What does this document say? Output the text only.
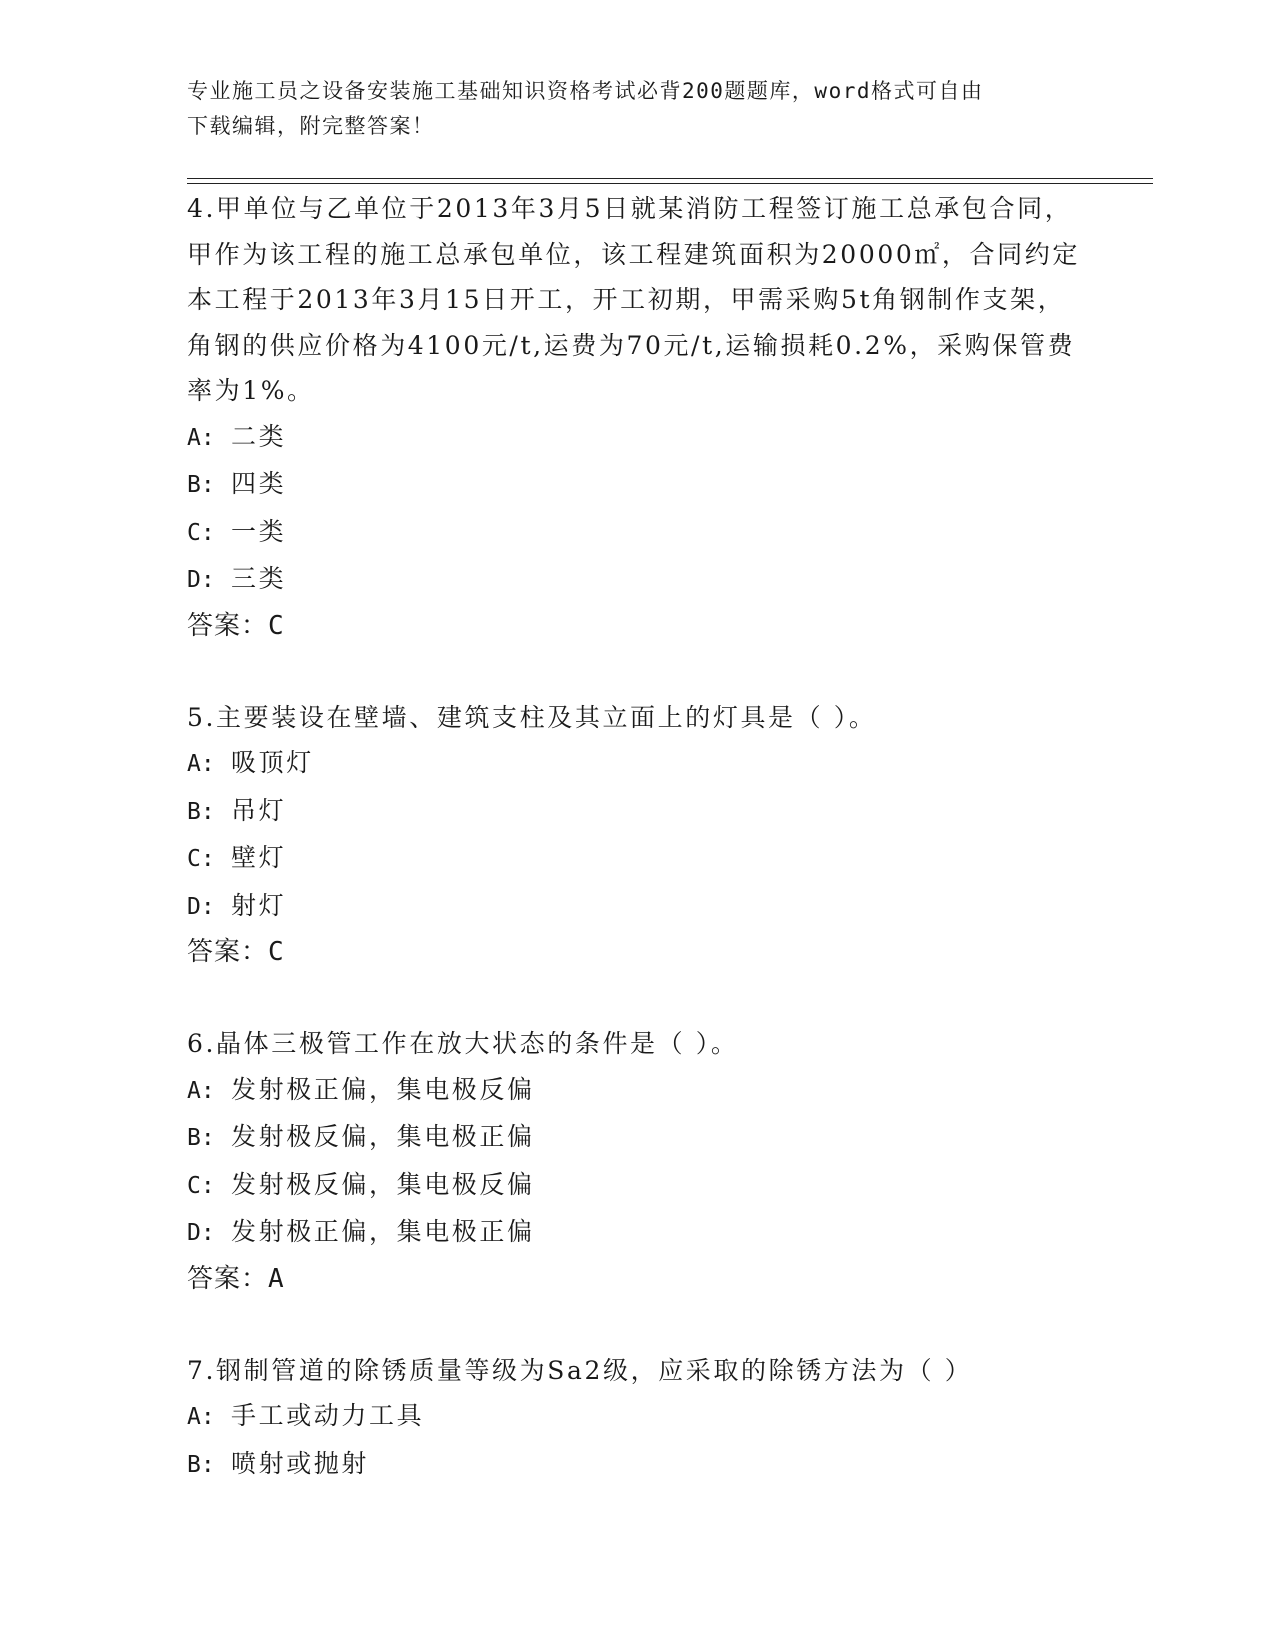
专业施工员之设备安装施工基础知识资格考试必背200题题库，word格式可自由
下载编辑，附完整答案！

4.甲单位与乙单位于2013年3月5日就某消防工程签订施工总承包合同，甲作为该工程的施工总承包单位，该工程建筑面积为20000㎡，合同约定本工程于2013年3月15日开工，开工初期，甲需采购5t角钢制作支架，角钢的供应价格为4100元/t,运费为70元/t,运输损耗0.2%，采购保管费率为1%。

A: 二类

B: 四类

C: 一类

D: 三类

答案：C

5.主要装设在壁墙、建筑支柱及其立面上的灯具是（ ）。

A: 吸顶灯

B: 吊灯

C: 壁灯

D: 射灯

答案：C

6.晶体三极管工作在放大状态的条件是（ ）。

A: 发射极正偏，集电极反偏

B: 发射极反偏，集电极正偏

C: 发射极反偏，集电极反偏

D: 发射极正偏，集电极正偏

答案：A

7.钢制管道的除锈质量等级为Sa2级，应采取的除锈方法为（ ）

A: 手工或动力工具

B: 喷射或抛射
